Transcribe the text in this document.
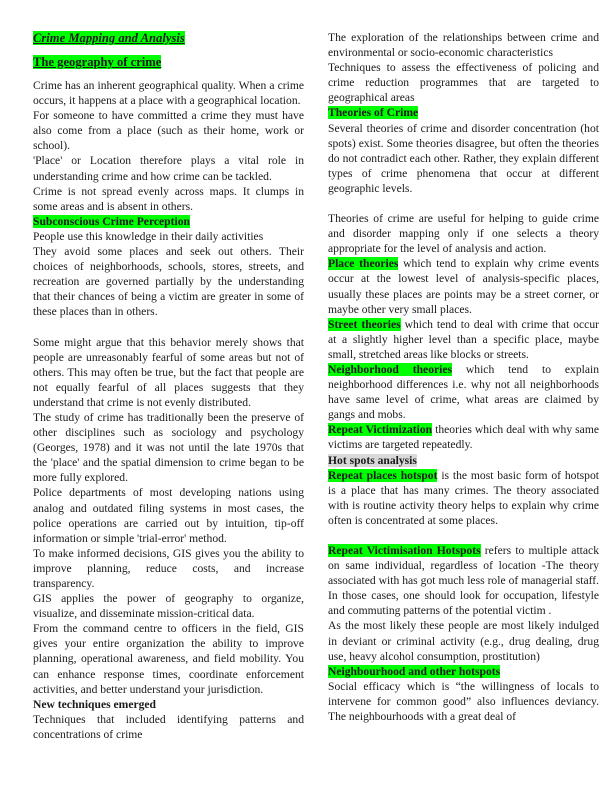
Crime Mapping and Analysis
The geography of crime

Crime has an inherent geographical quality. When a crime occurs, it happens at a place with a geographical location.

For someone to have committed a crime they must have also come from a place (such as their home, work or school).

'Place' or Location therefore plays a vital role in understanding crime and how crime can be tackled.

Crime is not spread evenly across maps. It clumps in some areas and is absent in others.

Subconscious Crime Perception

People use this knowledge in their daily activities

They avoid some places and seek out others. Their choices of neighborhoods, schools, stores, streets, and recreation are governed partially by the understanding that their chances of being a victim are greater in some of these places than in others.

Some might argue that this behavior merely shows that people are unreasonably fearful of some areas but not of others. This may often be true, but the fact that people are not equally fearful of all places suggests that they understand that crime is not evenly distributed.

The study of crime has traditionally been the preserve of other disciplines such as sociology and psychology (Georges, 1978) and it was not until the late 1970s that the 'place' and the spatial dimension to crime began to be more fully explored.

Police departments of most developing nations using analog and outdated filing systems in most cases, the police operations are carried out by intuition, tip-off information or simple 'trial-error' method.

To make informed decisions, GIS gives you the ability to improve planning, reduce costs, and increase transparency.

GIS applies the power of geography to organize, visualize, and disseminate mission-critical data.

From the command centre to officers in the field, GIS gives your entire organization the ability to improve planning, operational awareness, and field mobility. You can enhance response times, coordinate enforcement activities, and better understand your jurisdiction.

New techniques emerged

Techniques that included identifying patterns and concentrations of crime

The exploration of the relationships between crime and environmental or socio-economic characteristics

Techniques to assess the effectiveness of policing and crime reduction programmes that are targeted to geographical areas

Theories of Crime

Several theories of crime and disorder concentration (hot spots) exist. Some theories disagree, but often the theories do not contradict each other. Rather, they explain different types of crime phenomena that occur at different geographic levels.

Theories of crime are useful for helping to guide crime and disorder mapping only if one selects a theory appropriate for the level of analysis and action.

Place theories which tend to explain why crime events occur at the lowest level of analysis-specific places, usually these places are points may be a street corner, or maybe other very small places.

Street theories which tend to deal with crime that occur at a slightly higher level than a specific place, maybe small, stretched areas like blocks or streets.

Neighborhood theories which tend to explain neighborhood differences i.e. why not all neighborhoods have same level of crime, what areas are claimed by gangs and mobs.

Repeat Victimization theories which deal with why same victims are targeted repeatedly.

Hot spots analysis

Repeat places hotspot is the most basic form of hotspot is a place that has many crimes. The theory associated with is routine activity theory helps to explain why crime often is concentrated at some places.

Repeat Victimisation Hotspots refers to multiple attack on same individual, regardless of location -The theory associated with has got much less role of managerial staff. In those cases, one should look for occupation, lifestyle and commuting patterns of the potential victim .

As the most likely these people are most likely indulged in deviant or criminal activity (e.g., drug dealing, drug use, heavy alcohol consumption, prostitution)

Neighbourhood and other hotspots

Social efficacy which is “the willingness of locals to intervene for common good” also influences deviancy. The neighbourhoods with a great deal of
